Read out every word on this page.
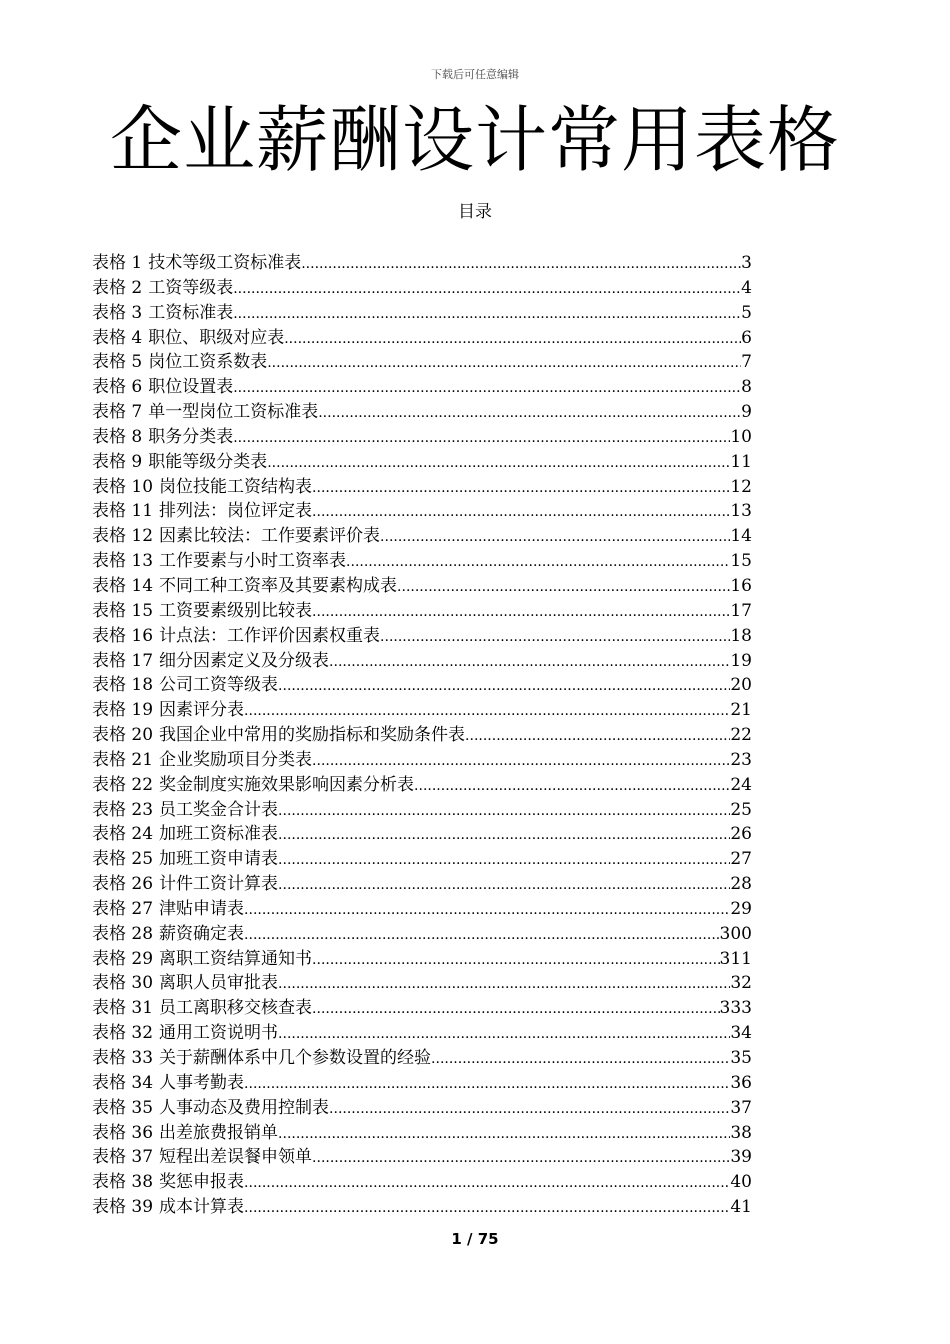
下载后可任意编辑
企业薪酬设计常用表格
目录
表格 1 技术等级工资标准表 .....	3
表格 2 工资等级表 .....	4
表格 3 工资标准表 .....	5
表格 4 职位、职级对应表 .....	6
表格 5 岗位工资系数表 .....	7
表格 6 职位设置表 .....	8
表格 7 单一型岗位工资标准表 .....	9
表格 8 职务分类表 .....	10
表格 9 职能等级分类表 .....	11
表格 10 岗位技能工资结构表 .....	12
表格 11 排列法：岗位评定表 .....	13
表格 12 因素比较法：工作要素评价表 .....	14
表格 13 工作要素与小时工资率表 .....	15
表格 14 不同工种工资率及其要素构成表 .....	16
表格 15 工资要素级别比较表 .....	17
表格 16 计点法：工作评价因素权重表 .....	18
表格 17 细分因素定义及分级表 .....	19
表格 18 公司工资等级表 .....	20
表格 19 因素评分表 .....	21
表格 20 我国企业中常用的奖励指标和奖励条件表 .....	22
表格 21 企业奖励项目分类表 .....	23
表格 22 奖金制度实施效果影响因素分析表 .....	24
表格 23 员工奖金合计表 .....	25
表格 24 加班工资标准表 .....	26
表格 25 加班工资申请表 .....	27
表格 26 计件工资计算表 .....	28
表格 27 津贴申请表 .....	29
表格 28 薪资确定表 .....	300
表格 29 离职工资结算通知书 .....	311
表格 30 离职人员审批表 .....	32
表格 31 员工离职移交核查表 .....	333
表格 32 通用工资说明书 .....	34
表格 33 关于薪酬体系中几个参数设置的经验 .....	35
表格 34 人事考勤表 .....	36
表格 35 人事动态及费用控制表 .....	37
表格 36 出差旅费报销单 .....	38
表格 37 短程出差误餐申领单 .....	39
表格 38 奖惩申报表 .....	40
表格 39 成本计算表 .....	41
1 / 75
